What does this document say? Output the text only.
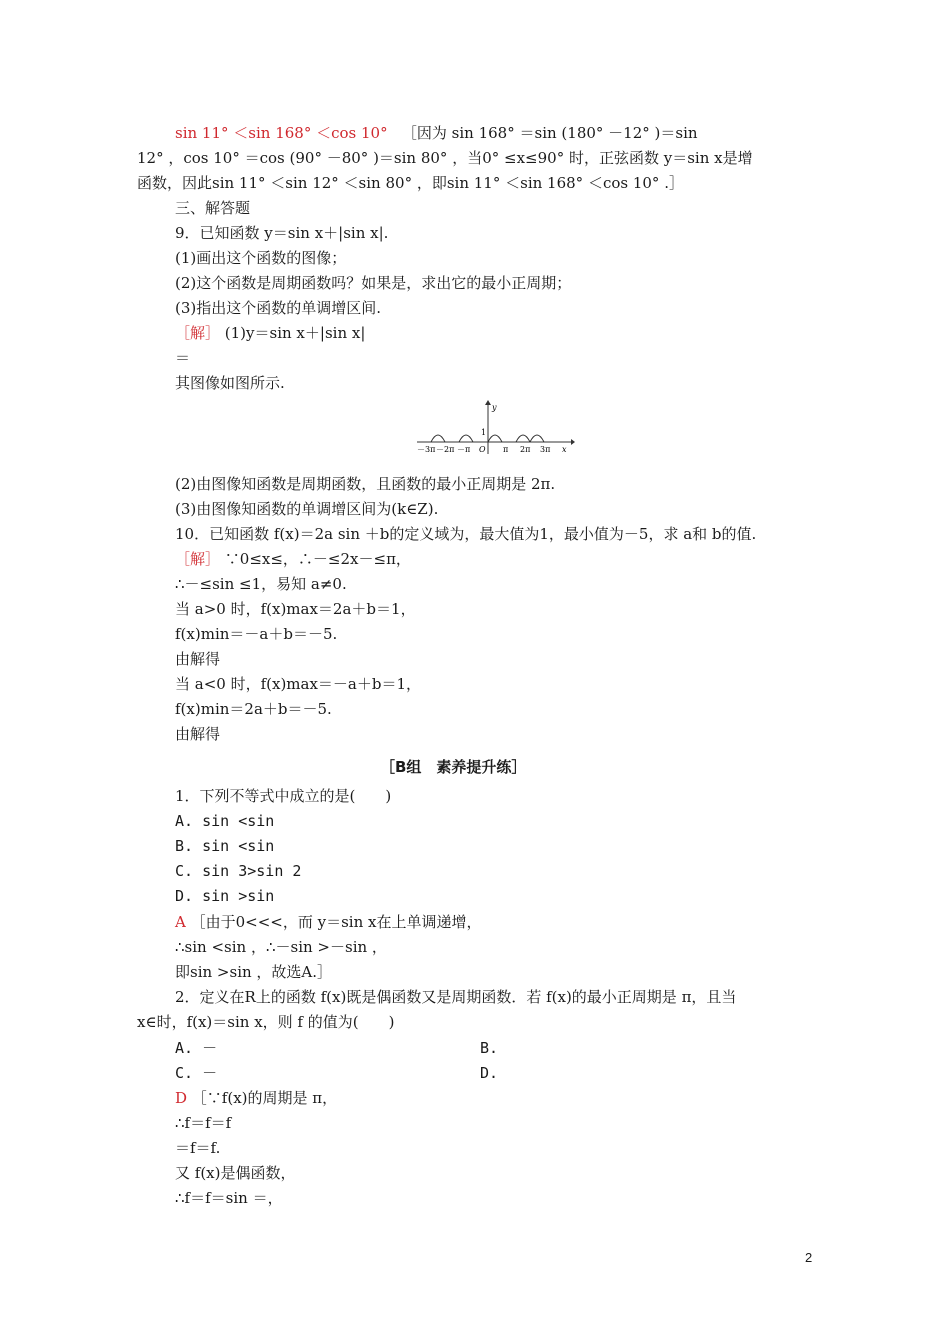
sin 11° ＜sin 168° ＜cos 10° ［因为 sin 168° ＝sin (180° －12° )＝sin
12° ，cos 10° ＝cos (90° －80° )＝sin 80° ，当0° ≤x≤90° 时，正弦函数 y＝sin x是增
函数，因此sin 11° ＜sin 12° ＜sin 80° ，即sin 11° ＜sin 168° ＜cos 10° .］
三、解答题
9．已知函数 y＝sin x＋|sin x|.
(1)画出这个函数的图像；
(2)这个函数是周期函数吗？如果是，求出它的最小正周期；
(3)指出这个函数的单调增区间.
［解］ (1)y＝sin x＋|sin x|
＝
其图像如图所示.
－3π －2π －π O π 2π 3π x
y
1
(2)由图像知函数是周期函数，且函数的最小正周期是 2π.
(3)由图像知函数的单调增区间为(k∈Z).
10．已知函数 f(x)＝2a sin ＋b的定义域为，最大值为1，最小值为－5，求 a和 b的值.
［解］ ∵0≤x≤，∴－≤2x－≤π，
∴－≤sin ≤1，易知 a≠0.
当 a>0 时，f(x)max＝2a＋b＝1，
f(x)min＝－a＋b＝－5.
由解得
当 a<0 时，f(x)max＝－a＋b＝1，
f(x)min＝2a＋b＝－5.
由解得
［B组　素养提升练］
1．下列不等式中成立的是(　　)
A. sin <sin
B. sin <sin
C. sin 3>sin 2
D. sin >sin
A ［由于0<<<，而 y＝sin x在上单调递增，
∴sin <sin ，∴－sin >－sin ，
即sin >sin ，故选A.］
2．定义在R上的函数 f(x)既是偶函数又是周期函数．若 f(x)的最小正周期是 π，且当
x∈时，f(x)＝sin x，则 f 的值为(　　)
A. －	B.
C. －	D.
D ［∵f(x)的周期是 π，
∴f＝f＝f
＝f＝f.
又 f(x)是偶函数，
∴f＝f＝sin ＝，
2
